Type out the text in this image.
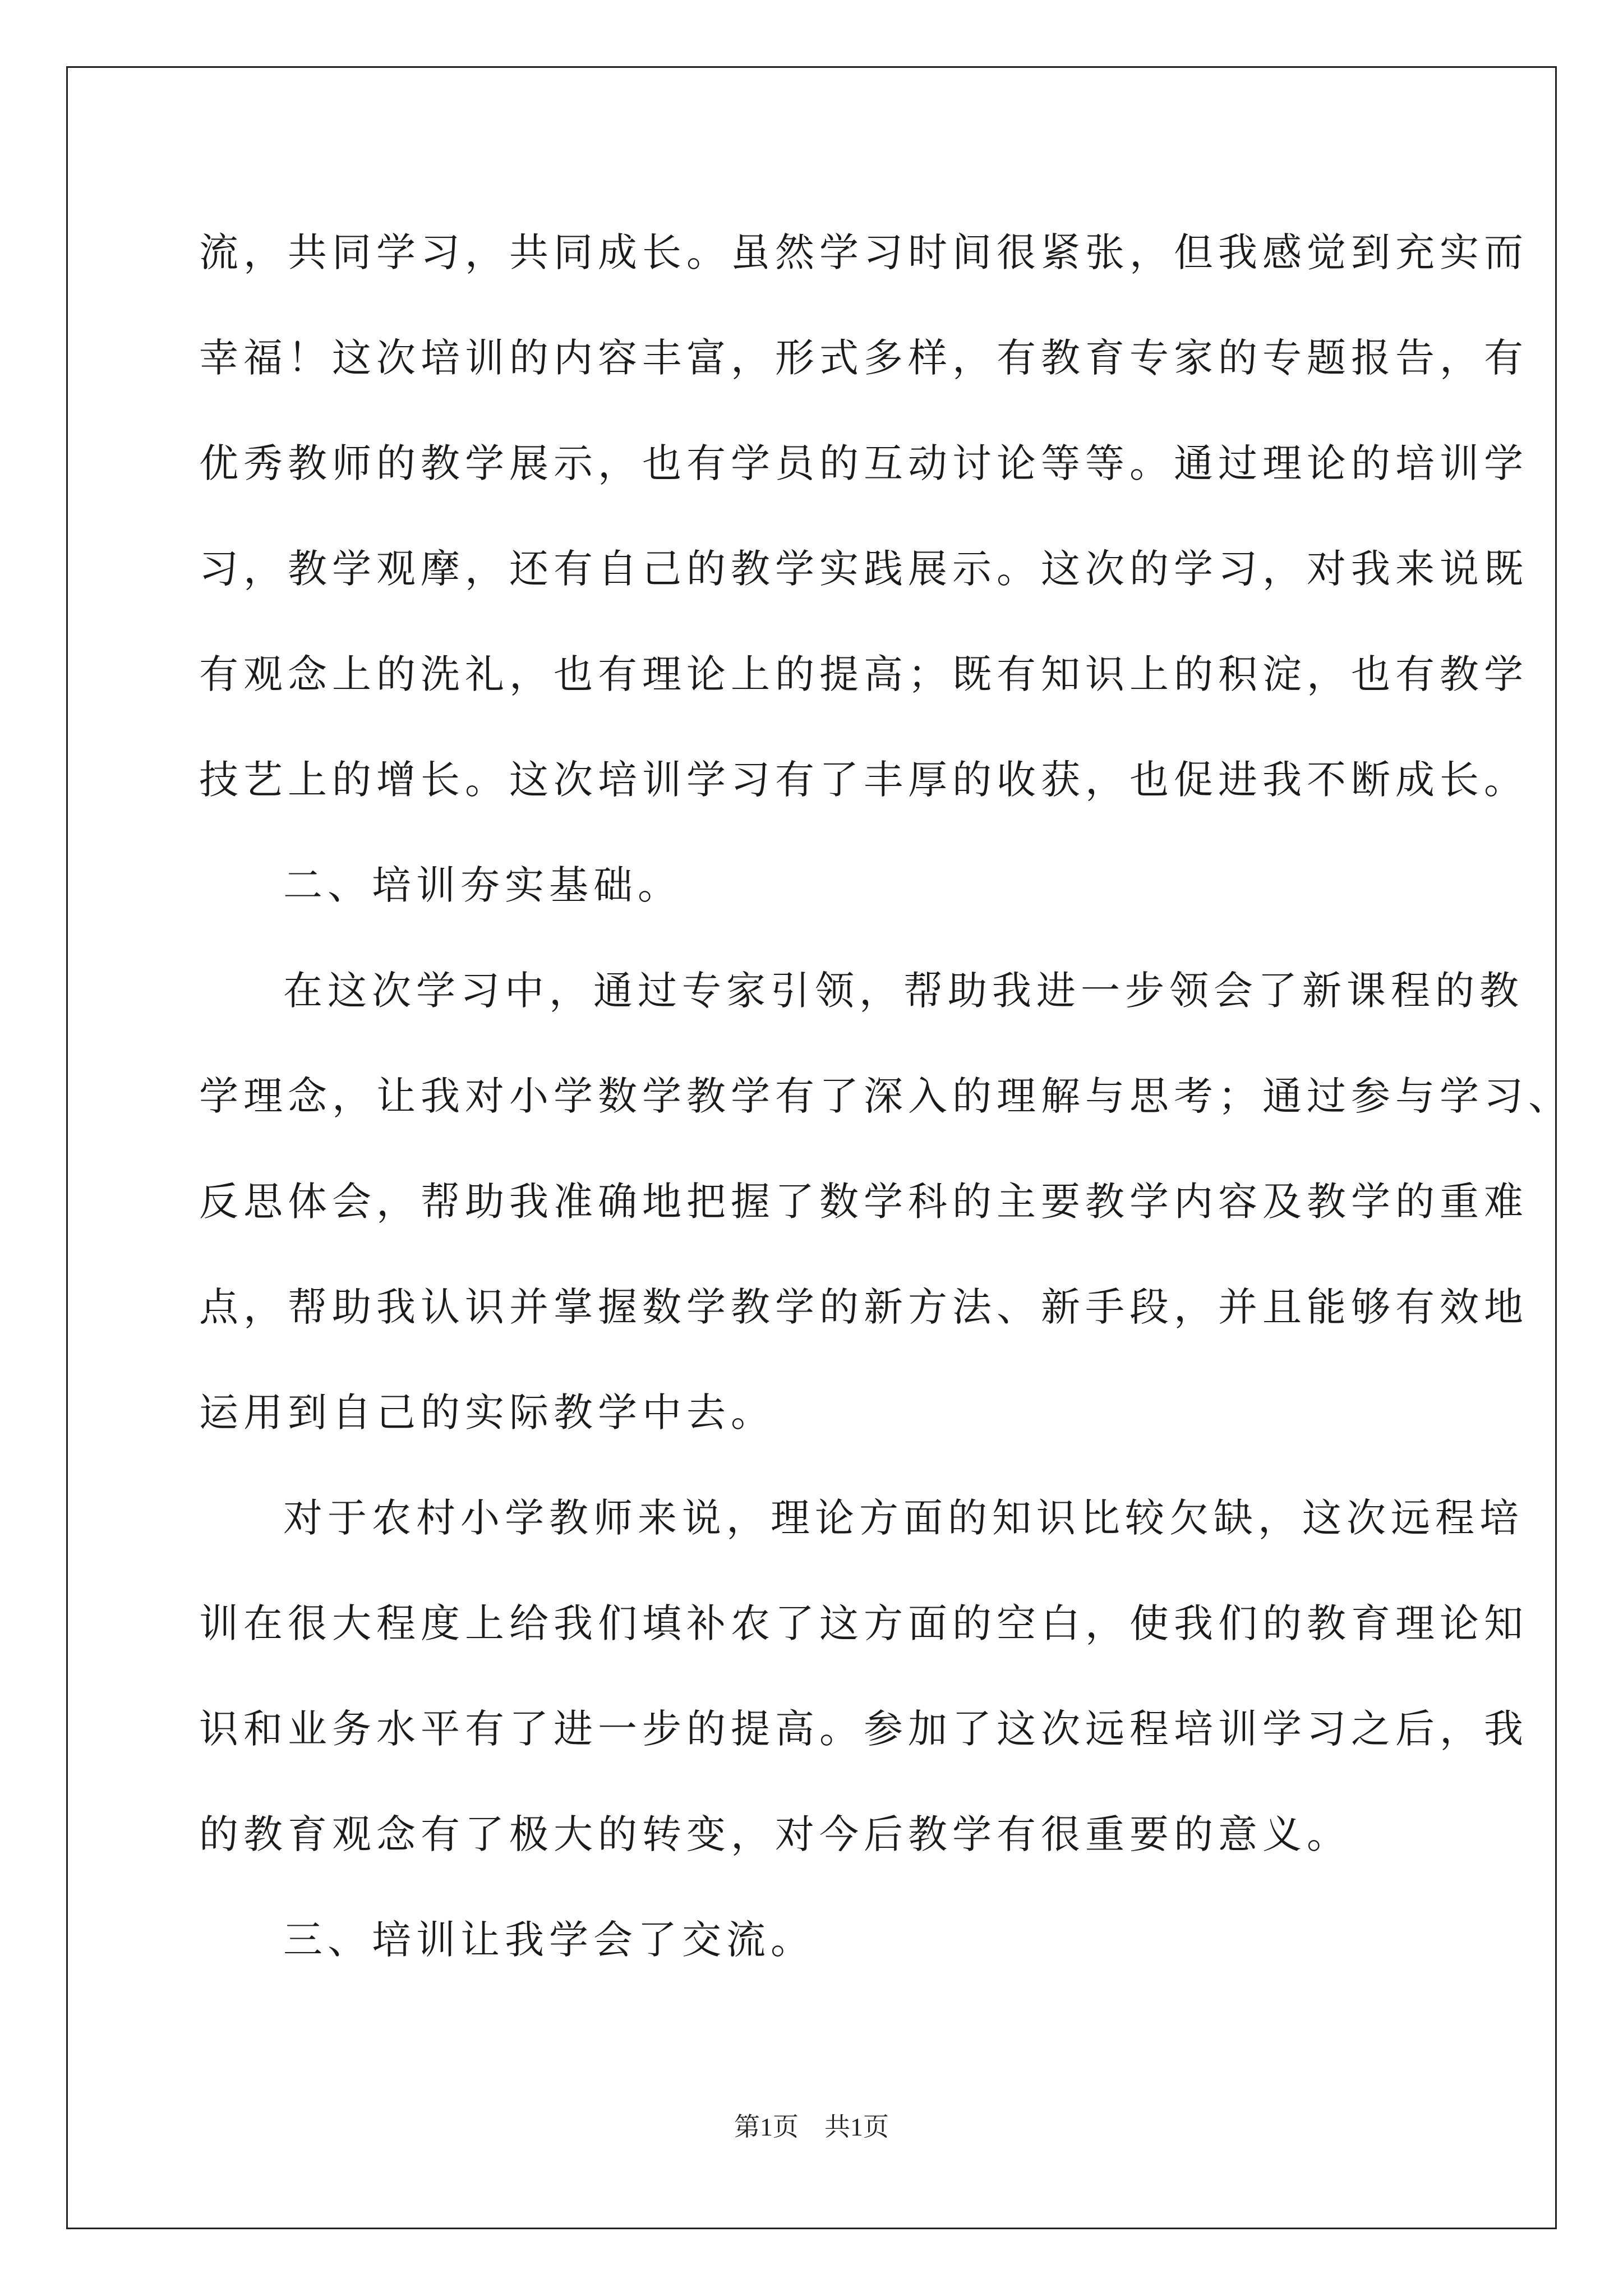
流，共同学习，共同成长。虽然学习时间很紧张，但我感觉到充实而
幸福！这次培训的内容丰富，形式多样，有教育专家的专题报告，有
优秀教师的教学展示，也有学员的互动讨论等等。通过理论的培训学
习，教学观摩，还有自己的教学实践展示。这次的学习，对我来说既
有观念上的洗礼，也有理论上的提高；既有知识上的积淀，也有教学
技艺上的增长。这次培训学习有了丰厚的收获，也促进我不断成长。
二、培训夯实基础。
在这次学习中，通过专家引领，帮助我进一步领会了新课程的教
学理念，让我对小学数学教学有了深入的理解与思考；通过参与学习、
反思体会，帮助我准确地把握了数学科的主要教学内容及教学的重难
点，帮助我认识并掌握数学教学的新方法、新手段，并且能够有效地
运用到自己的实际教学中去。
对于农村小学教师来说，理论方面的知识比较欠缺，这次远程培
训在很大程度上给我们填补农了这方面的空白，使我们的教育理论知
识和业务水平有了进一步的提高。参加了这次远程培训学习之后，我
的教育观念有了极大的转变，对今后教学有很重要的意义。
三、培训让我学会了交流。
第1页　共1页
